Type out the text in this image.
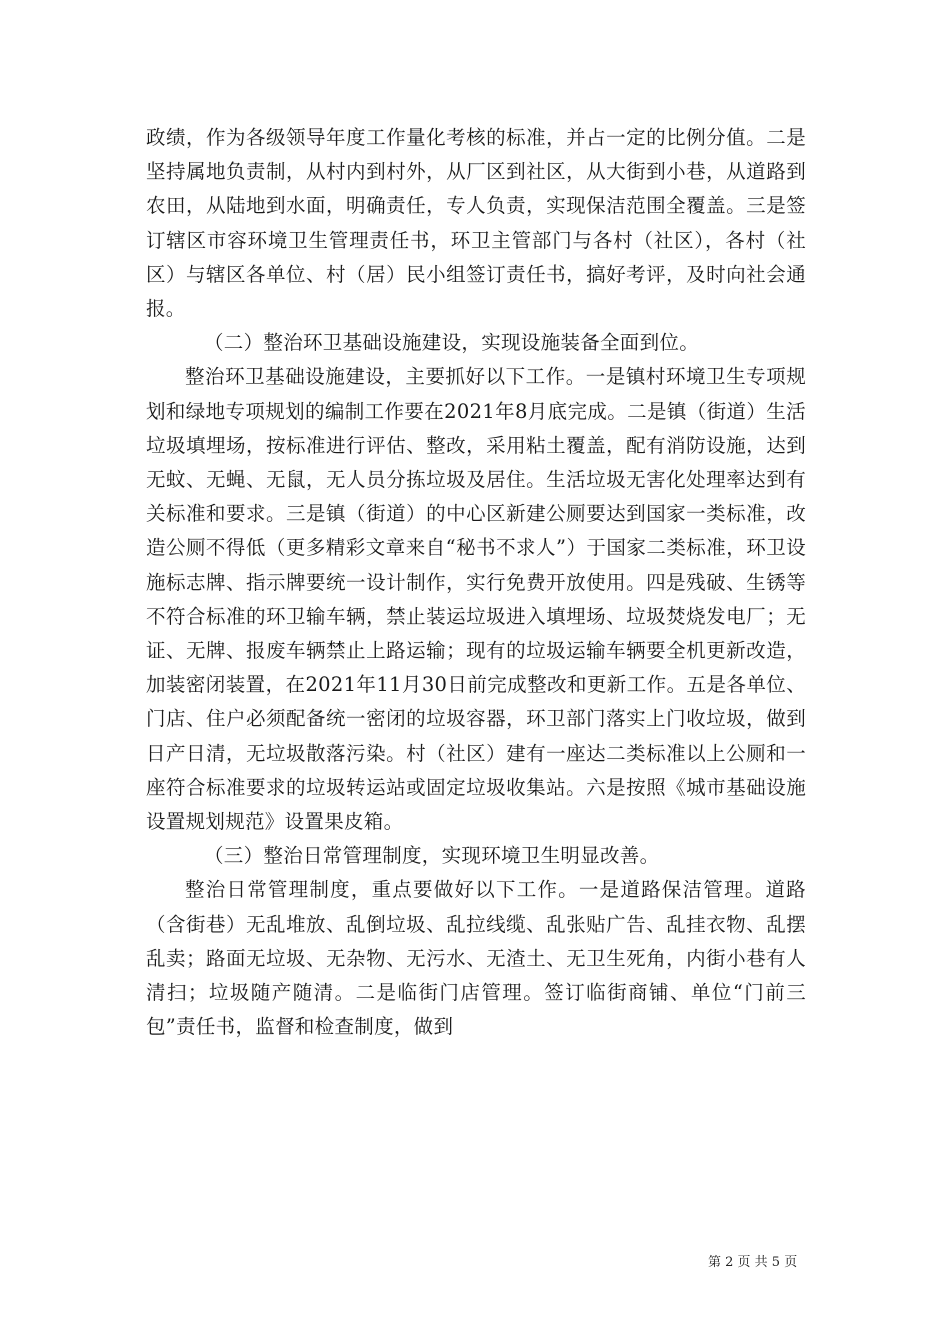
政绩，作为各级领导年度工作量化考核的标准，并占一定的比例分值。二是坚持属地负责制，从村内到村外，从厂区到社区，从大街到小巷，从道路到农田，从陆地到水面，明确责任，专人负责，实现保洁范围全覆盖。三是签订辖区市容环境卫生管理责任书，环卫主管部门与各村（社区），各村（社区）与辖区各单位、村（居）民小组签订责任书，搞好考评，及时向社会通报。

（二）整治环卫基础设施建设，实现设施装备全面到位。

整治环卫基础设施建设，主要抓好以下工作。一是镇村环境卫生专项规划和绿地专项规划的编制工作要在2021年8月底完成。二是镇（街道）生活垃圾填埋场，按标准进行评估、整改，采用粘土覆盖，配有消防设施，达到无蚊、无蝇、无鼠，无人员分拣垃圾及居住。生活垃圾无害化处理率达到有关标准和要求。三是镇（街道）的中心区新建公厕要达到国家一类标准，改造公厕不得低（更多精彩文章来自“秘书不求人”）于国家二类标准，环卫设施标志牌、指示牌要统一设计制作，实行免费开放使用。四是残破、生锈等不符合标准的环卫输车辆，禁止装运垃圾进入填埋场、垃圾焚烧发电厂；无证、无牌、报废车辆禁止上路运输；现有的垃圾运输车辆要全机更新改造，加装密闭装置，在2021年11月30日前完成整改和更新工作。五是各单位、门店、住户必须配备统一密闭的垃圾容器，环卫部门落实上门收垃圾，做到日产日清，无垃圾散落污染。村（社区）建有一座达二类标准以上公厕和一座符合标准要求的垃圾转运站或固定垃圾收集站。六是按照《城市基础设施设置规划规范》设置果皮箱。

（三）整治日常管理制度，实现环境卫生明显改善。

整治日常管理制度，重点要做好以下工作。一是道路保洁管理。道路（含街巷）无乱堆放、乱倒垃圾、乱拉线缆、乱张贴广告、乱挂衣物、乱摆乱卖；路面无垃圾、无杂物、无污水、无渣土、无卫生死角，内街小巷有人清扫；垃圾随产随清。二是临街门店管理。签订临街商铺、单位“门前三包”责任书，监督和检查制度，做到

第 2 页 共 5 页
